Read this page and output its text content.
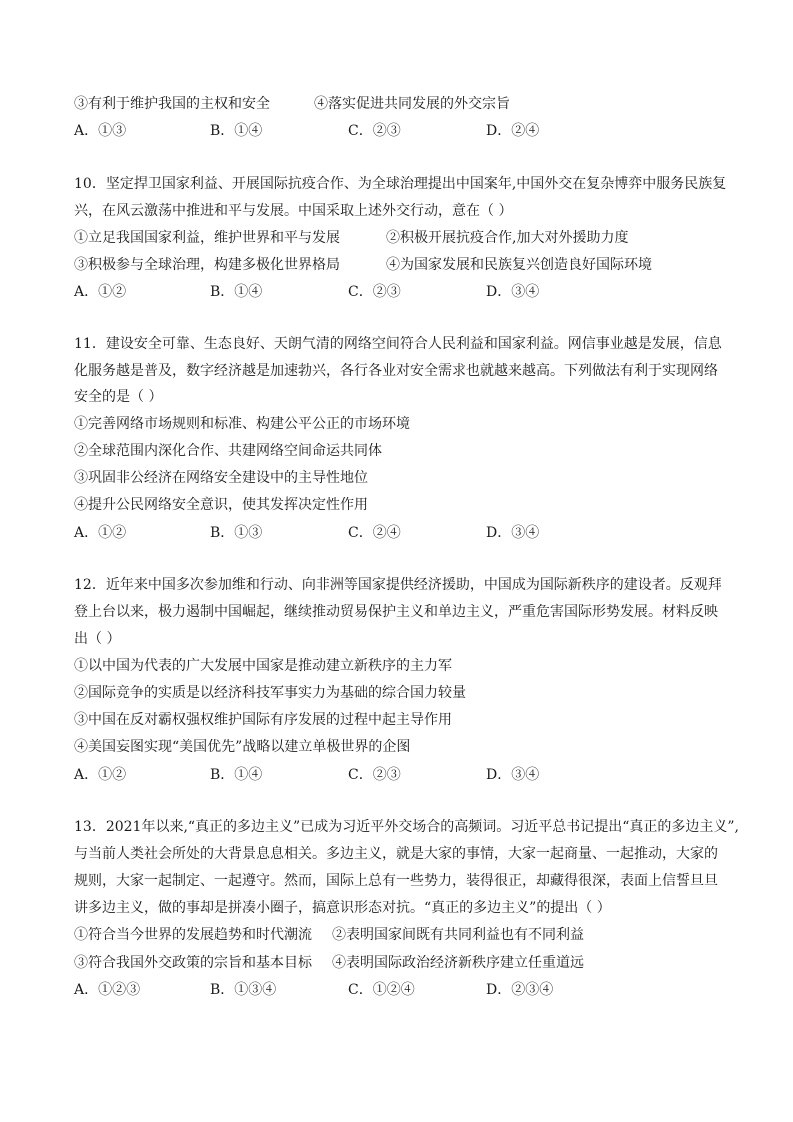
③有利于维护我国的主权和安全	④落实促进共同发展的外交宗旨
A．①③	B．①④	C．②③	D．②④
10．坚定捍卫国家利益、开展国际抗疫合作、为全球治理提出中国案年,中国外交在复杂博弈中服务民族复
兴，在风云激荡中推进和平与发展。中国采取上述外交行动，意在（ ）
①立足我国国家利益，维护世界和平与发展	②积极开展抗疫合作,加大对外援助力度
③积极参与全球治理，构建多极化世界格局	④为国家发展和民族复兴创造良好国际环境
A．①②	B．①④	C．②③	D．③④
11．建设安全可靠、生态良好、天朗气清的网络空间符合人民利益和国家利益。网信事业越是发展，信息
化服务越是普及，数字经济越是加速勃兴，各行各业对安全需求也就越来越高。下列做法有利于实现网络
安全的是（ ）
①完善网络市场规则和标准、构建公平公正的市场环境
②全球范围内深化合作、共建网络空间命运共同体
③巩固非公经济在网络安全建设中的主导性地位
④提升公民网络安全意识，使其发挥决定性作用
A．①②	B．①③	C．②④	D．③④
12．近年来中国多次参加维和行动、向非洲等国家提供经济援助，中国成为国际新秩序的建设者。反观拜
登上台以来，极力遏制中国崛起，继续推动贸易保护主义和单边主义，严重危害国际形势发展。材料反映
出（ ）
①以中国为代表的广大发展中国家是推动建立新秩序的主力军
②国际竞争的实质是以经济科技军事实力为基础的综合国力较量
③中国在反对霸权强权维护国际有序发展的过程中起主导作用
④美国妄图实现“美国优先”战略以建立单极世界的企图
A．①②	B．①④	C．②③	D．③④
13．2021年以来,“真正的多边主义”已成为习近平外交场合的高频词。习近平总书记提出“真正的多边主义”,
与当前人类社会所处的大背景息息相关。多边主义，就是大家的事情，大家一起商量、一起推动，大家的
规则，大家一起制定、一起遵守。然而，国际上总有一些势力，装得很正，却藏得很深，表面上信誓旦旦
讲多边主义，做的事却是拼凑小圈子，搞意识形态对抗。“真正的多边主义”的提出（ ）
①符合当今世界的发展趋势和时代潮流 ②表明国家间既有共同利益也有不同利益
③符合我国外交政策的宗旨和基本目标 ④表明国际政治经济新秩序建立任重道远
A．①②③	B．①③④	C．①②④	D．②③④
